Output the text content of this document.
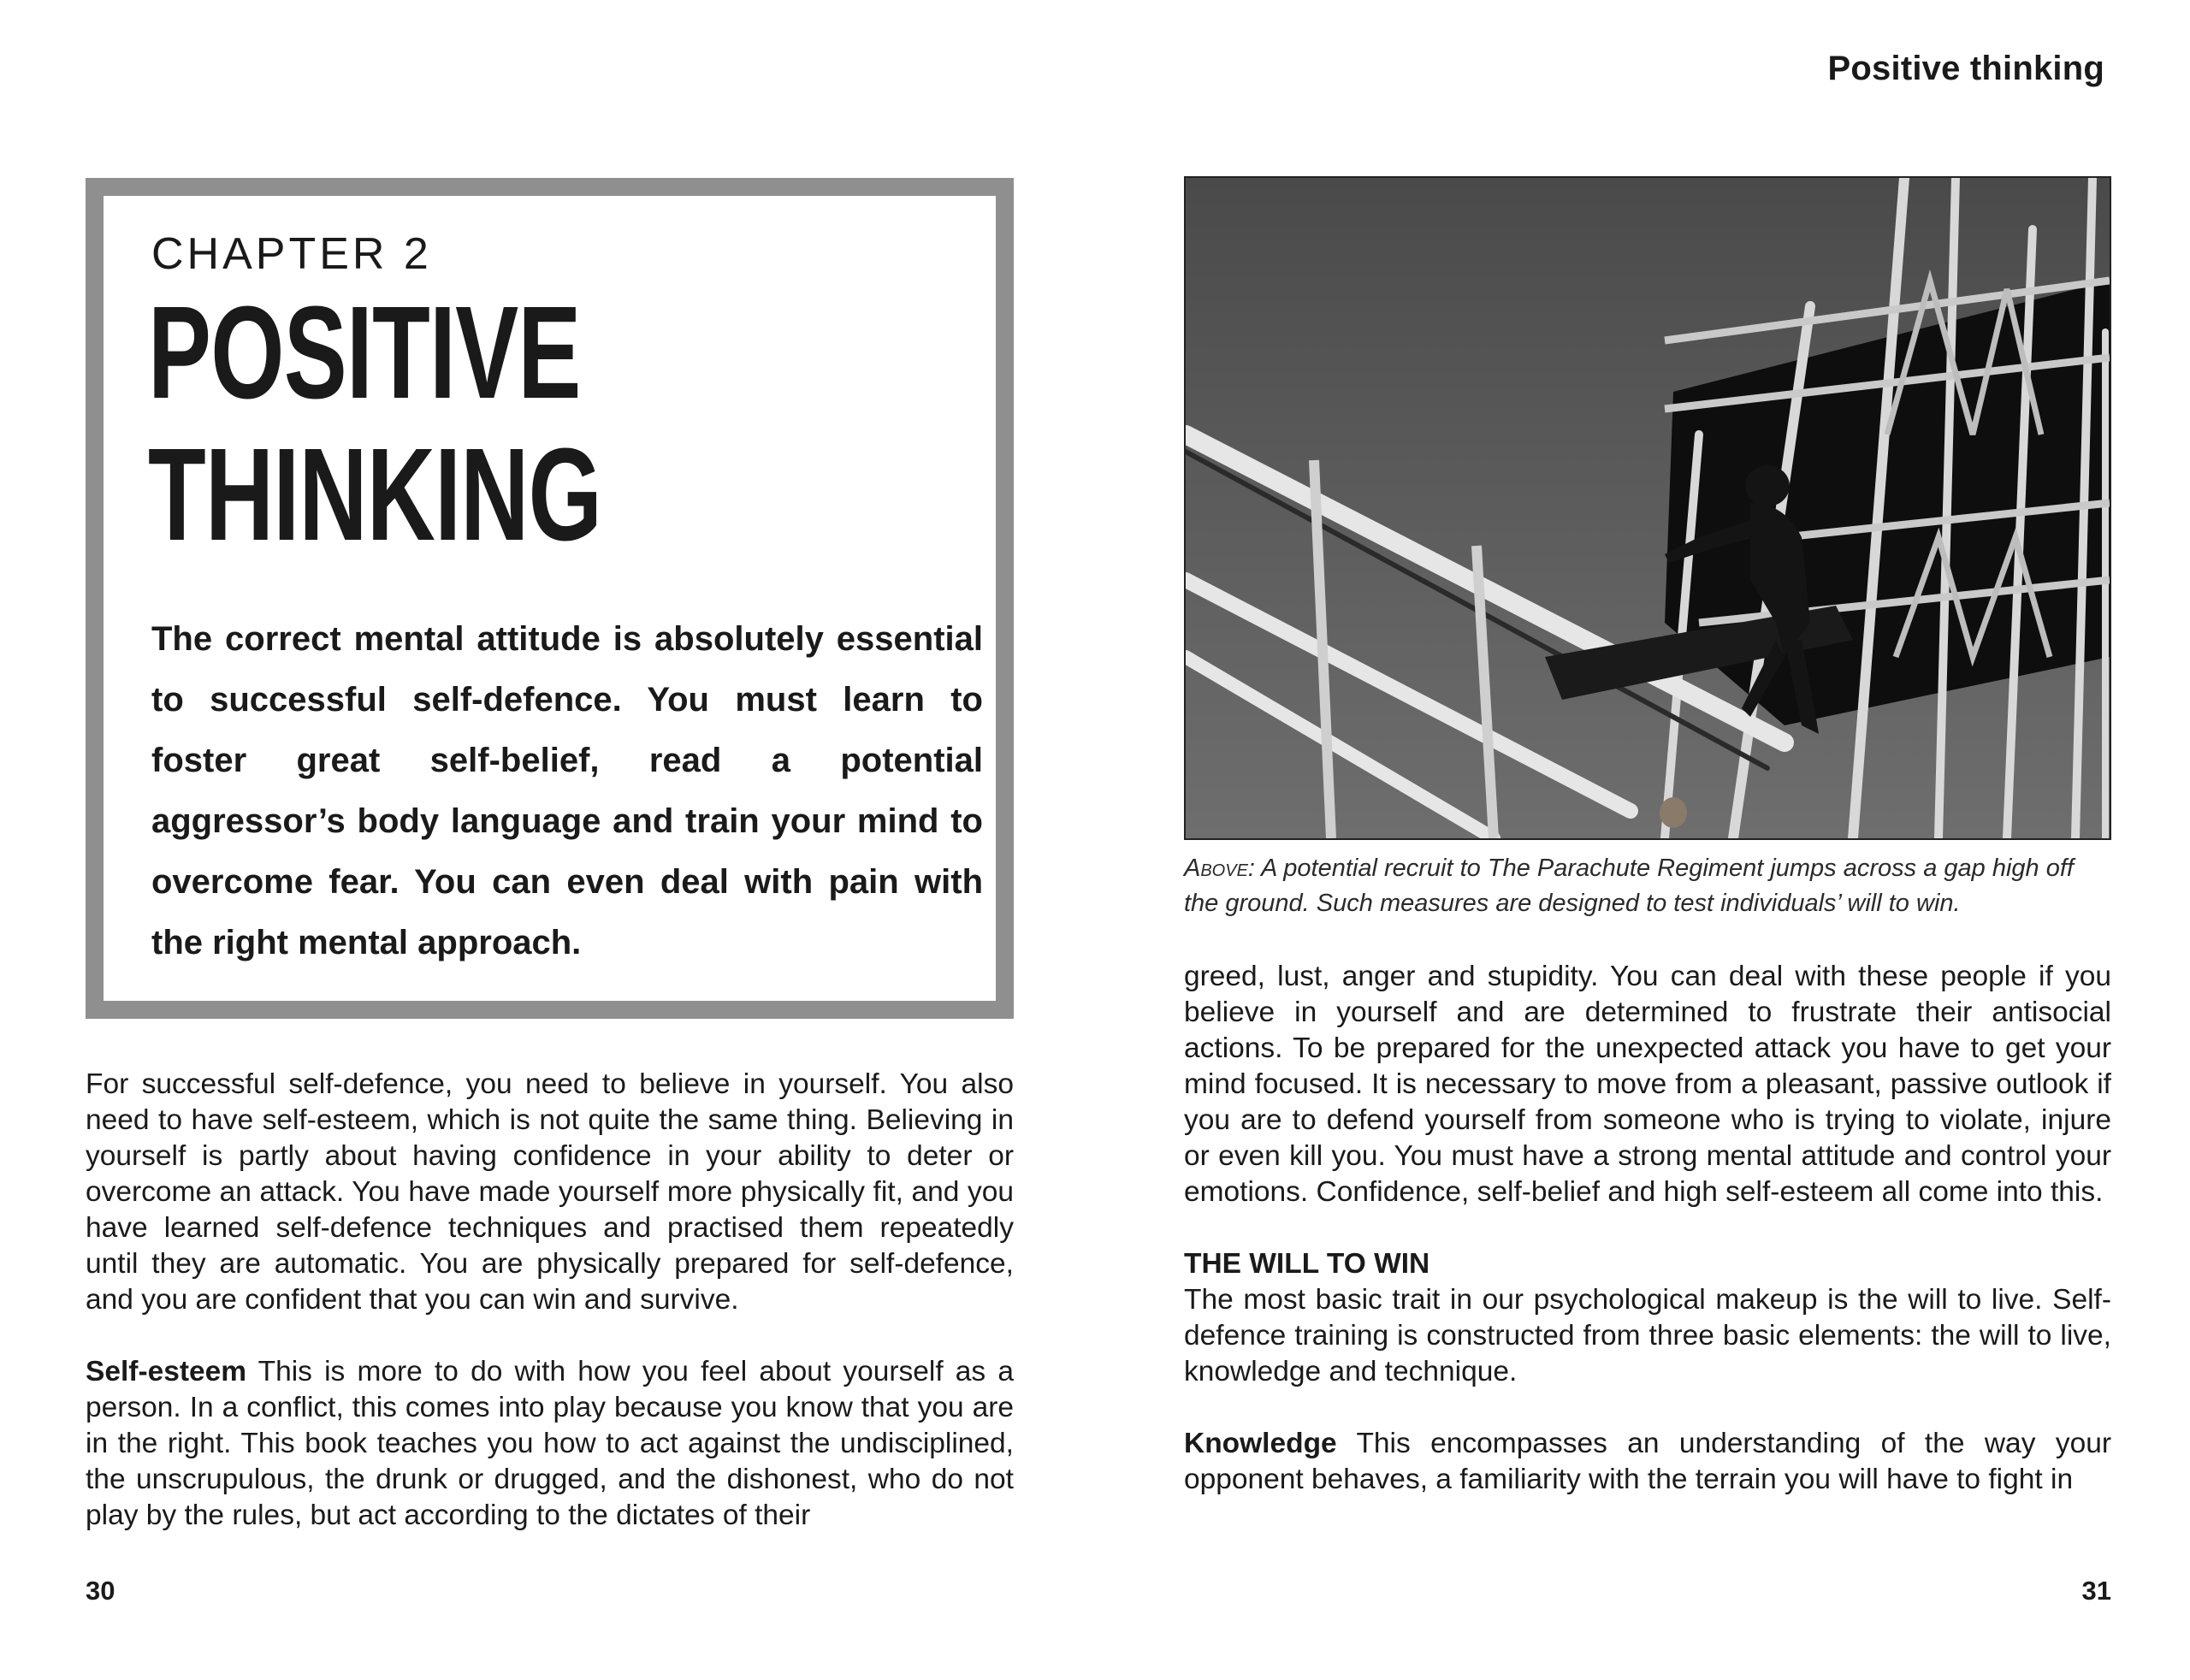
Positive thinking
CHAPTER 2
POSITIVE
THINKING
The correct mental attitude is absolutely essential to successful self-defence. You must learn to foster great self-belief, read a potential aggressor’s body language and train your mind to overcome fear. You can even deal with pain with the right mental approach.

For successful self-defence, you need to believe in yourself. You also need to have self-esteem, which is not quite the same thing. Believing in yourself is partly about having confidence in your ability to deter or overcome an attack. You have made yourself more physically fit, and you have learned self-defence techniques and practised them repeatedly until they are automatic. You are physically prepared for self-defence, and you are confident that you can win and survive.

Self-esteem This is more to do with how you feel about yourself as a person. In a conflict, this comes into play because you know that you are in the right. This book teaches you how to act against the undisciplined, the unscrupulous, the drunk or drugged, and the dishonest, who do not play by the rules, but act according to the dictates of their

30
Above: A potential recruit to The Parachute Regiment jumps across a gap high off the ground. Such measures are designed to test individuals’ will to win.

greed, lust, anger and stupidity. You can deal with these people if you believe in yourself and are determined to frustrate their antisocial actions. To be prepared for the unexpected attack you have to get your mind focused. It is necessary to move from a pleasant, passive outlook if you are to defend yourself from someone who is trying to violate, injure or even kill you. You must have a strong mental attitude and control your emotions. Confidence, self-belief and high self-esteem all come into this.

THE WILL TO WIN

The most basic trait in our psychological makeup is the will to live. Self-defence training is constructed from three basic elements: the will to live, knowledge and technique.

Knowledge This encompasses an understanding of the way your opponent behaves, a familiarity with the terrain you will have to fight in

31
